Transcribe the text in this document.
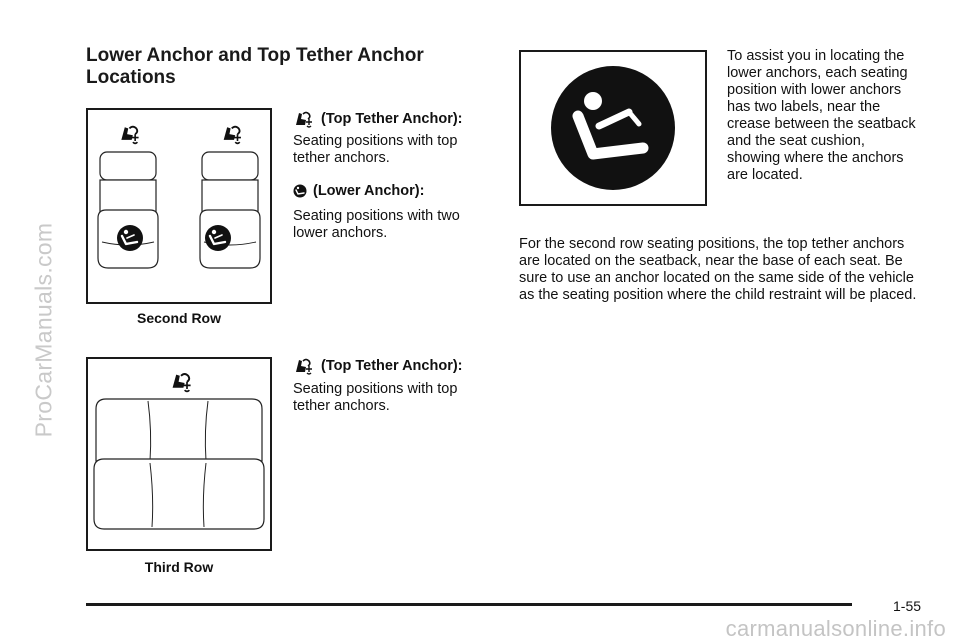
ProCarManuals.com
carmanualsonline.info
Lower Anchor and Top Tether Anchor Locations
Second Row
(Top Tether Anchor):
Seating positions with top tether anchors.
(Lower Anchor):
Seating positions with two lower anchors.
Third Row
(Top Tether Anchor):
Seating positions with top tether anchors.
To assist you in locating the lower anchors, each seating position with lower anchors has two labels, near the crease between the seatback and the seat cushion, showing where the anchors are located.
For the second row seating positions, the top tether anchors are located on the seatback, near the base of each seat. Be sure to use an anchor located on the same side of the vehicle as the seating position where the child restraint will be placed.
1-55
